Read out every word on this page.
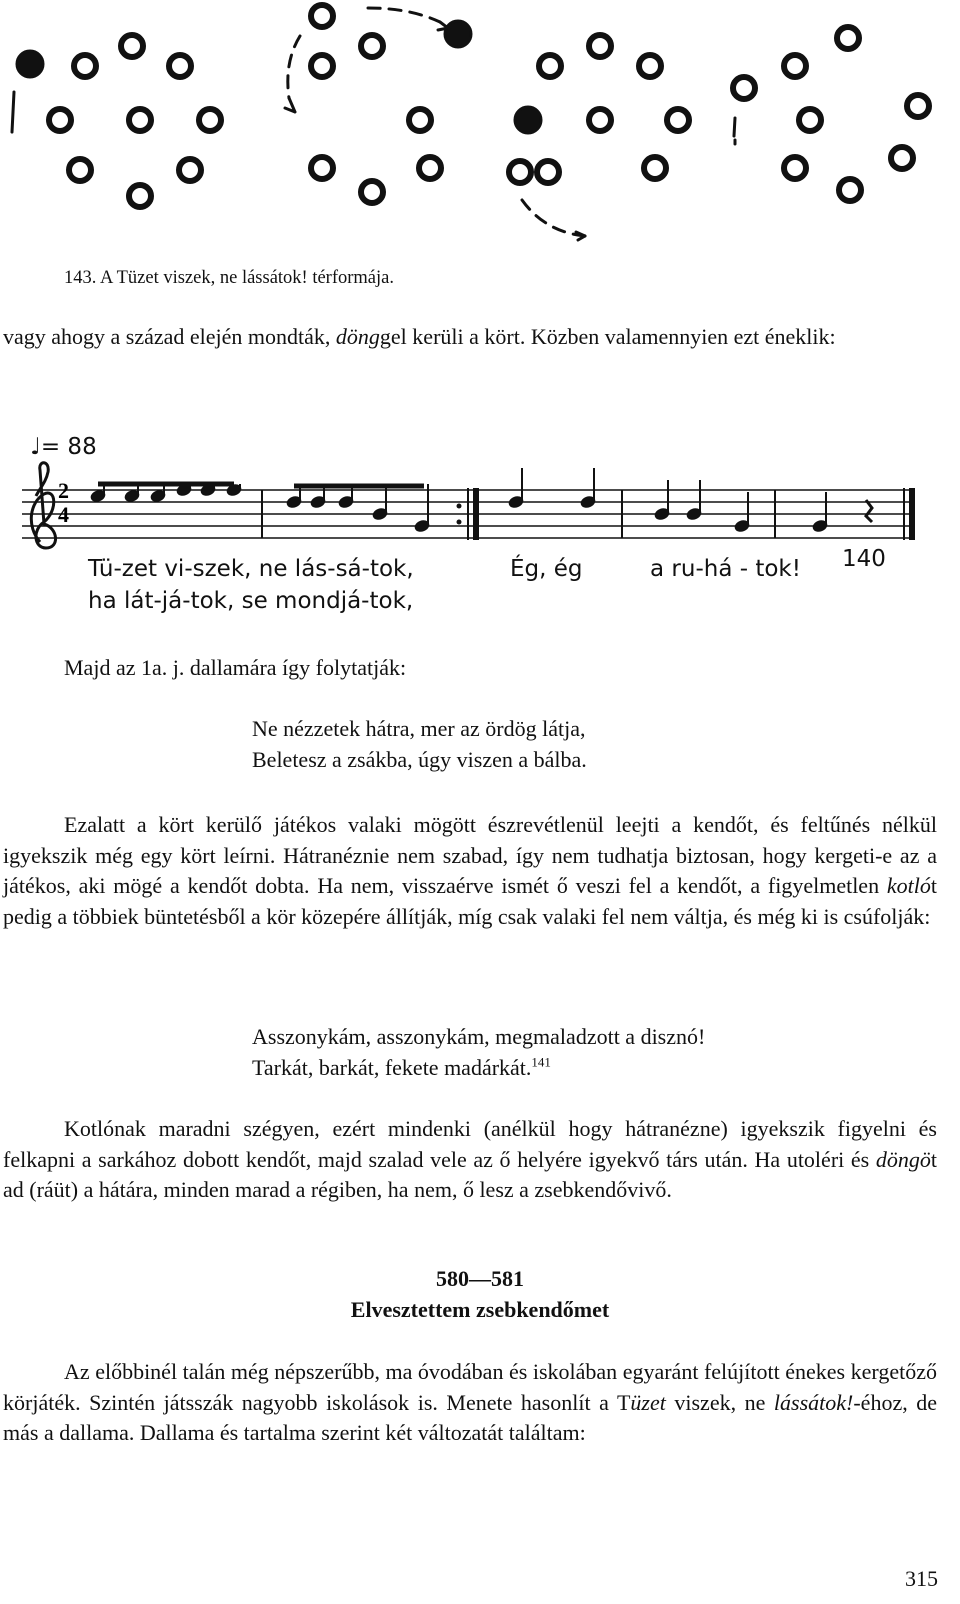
143. A Tüzet viszek, ne lássátok! térformája.

vagy ahogy a század elején mondták, dönggel kerüli a kört. Közben valamennyien ezt éneklik:

♩= 88
2
4
Tü-zet vi-szek, ne lás-sá-tok,	Ég, ég	a ru-há - tok! 140
ha lát-já-tok, se mondjá-tok,

Majd az 1a. j. dallamára így folytatják:

Ne nézzetek hátra, mer az ördög látja,
Beletesz a zsákba, úgy viszen a bálba.

Ezalatt a kört kerülő játékos valaki mögött észrevétlenül leejti a kendőt, és feltűnés nélkül igyekszik még egy kört leírni. Hátranéznie nem szabad, így nem tudhatja biztosan, hogy kergeti-e az a játékos, aki mögé a kendőt dobta. Ha nem, visszaérve ismét ő veszi fel a kendőt, a figyelmetlen kotlót pedig a többiek büntetésből a kör közepére állítják, míg csak valaki fel nem váltja, és még ki is csúfolják:

Asszonykám, asszonykám, megmaladzott a disznó!
Tarkát, barkát, fekete madárkát.$^{141}$

Kotlónak maradni szégyen, ezért mindenki (anélkül hogy hátranézne) igyekszik figyelni és felkapni a sarkához dobott kendőt, majd szalad vele az ő helyére igyekvő társ után. Ha utoléri és döngöt ad (ráüt) a hátára, minden marad a régiben, ha nem, ő lesz a zsebkendővivő.

580—581
Elvesztettem zsebkendőmet

Az előbbinél talán még népszerűbb, ma óvodában és iskolában egyaránt felújított énekes kergetőző körjáték. Szintén játsszák nagyobb iskolások is. Menete hasonlít a Tüzet viszek, ne lássátok!-éhoz, de más a dallama. Dallama és tartalma szerint két változatát találtam:

315
